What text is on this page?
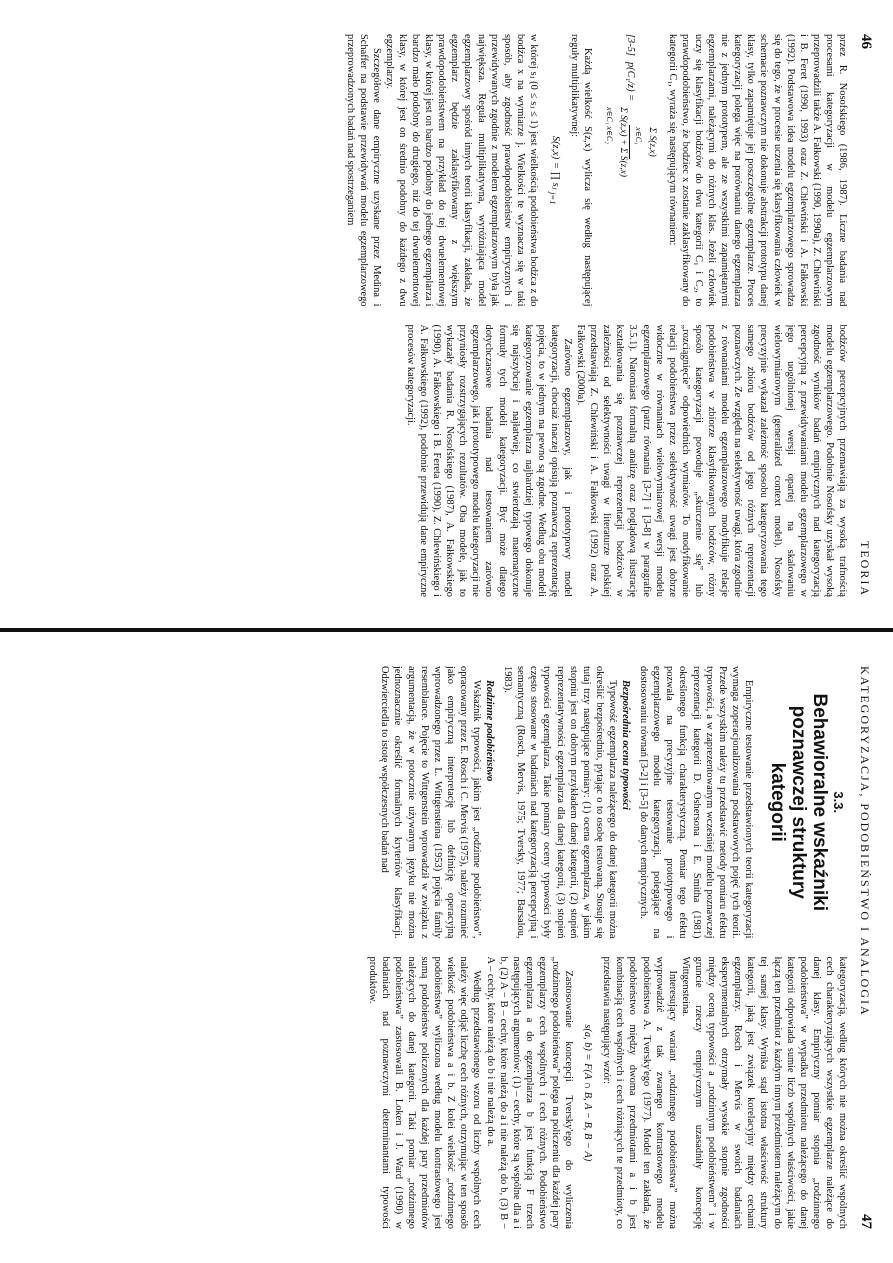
46
TEORIA

przez R. Nosofskiego (1986, 1987). Liczne badania nad procesami kategoryzacji w modelu egzemplarzowym przeprowadzili także A. Fałkowski (1990, 1990a), Z. Chlewiński i B. Feret (1990, 1993) oraz Z. Chlewiński i A. Fałkowski (1992). Podstawowa idea modelu egzemplarzowego sprowadza się do tego, że w procesie uczenia się klasyfikowania człowiek w schemacie poznawczym nie dokonuje abstrakcji prototypu danej klasy, tylko zapamiętuje jej poszczególne egzemplarze. Proces kategoryzacji polega więc na porównaniu danego egzemplarza nie z jednym prototypem, ale ze wszystkimi zapamiętanymi egzemplarzami, należącymi do różnych klas. Jeżeli człowiek uczy się klasyfikacji bodźców do dwu kategorii C₁ i C₂, to prawdopodobieństwo, że bodziec x zostanie zaklasyfikowany do kategorii C₁, wyraża się następującym równaniem:

[3-5]
p(C₁/z) =
Σ S(z,x)
x∈C₁
Σ S(z,x) + Σ S(z,x)
x∈C₁ x∈C₂

Każdą wielkość S(z,x) wylicza się według następującej reguły multiplikatywnej:

S(z,x) = ∏ sⱼ $_{j=1}$

w której sⱼ (0 ≤ sⱼ ≤ 1) jest wielkością podobieństwa bodźca z do bodźca x na wymiarze j. Wielkości te wyznacza się w taki sposób, aby zgodność prawdopodobieństw empirycznych i przewidywanych zgodnie z modelem egzemplarzowym była jak największa. Reguła multiplikatywna, wyróżniająca model egzemplarzowy spośród innych teorii klasyfikacji, zakłada, że egzemplarz będzie zaklasyfikowany z większym prawdopodobieństwem na przykład do tej dwuelementowej klasy, w której jest on bardzo podobny do jednego egzemplarza i bardzo mało podobny do drugiego, niż do tej dwuelementowej klasy, w której jest on średnio podobny do każdego z dwu egzemplarzy.

Szczegółowe dane empiryczne uzyskane przez Medina i Schaffer na podstawie przewidywań modelu egzemplarzowego przeprowadzonych badań nad spostrzeganiem

bodźców percepcyjnych przemawiają za wysoką trafnością modelu egzemplarzowego. Podobnie Nosofsky uzyskał wysoką zgodność wyników badań empirycznych nad kategoryzacją percepcyjną z przewidywaniami modelu egzemplarzowego w jego uogólnionej wersji opartej na skalowaniu wielowymiarowym (generalized context model). Nosofsky precyzyjnie wykazał zależność sposobu kategoryzowania tego samego zbioru bodźców od jego różnych reprezentacji poznawczych. Ze względu na selektywność uwagi, która zgodnie z równaniami modelu egzemplarzowego modyfikuje relacje podobieństwa w zbiorze klasyfikowanych bodźców, różny sposób kategoryzacji powoduje „skurczenie się” lub „rozciągnięcie” odpowiednich wymiarów. To modyfikowanie relacji podobieństwa przez selektywność uwagi jest dobrze widoczne w równaniach wielowymiarowej wersji modelu egzemplarzowego (patrz równania [3-7] i [3-8] w paragrafie 3.5.1). Natomiast formalną analizę oraz poglądową ilustrację kształtowania się poznawczej reprezentacji bodźców w zależności od selektywności uwagi w literaturze polskiej przedstawiają Z. Chlewiński i A. Fałkowski (1992) oraz A. Fałkowski (2000a).

Zarówno egzemplarzowy, jak i prototypowy model kategoryzacji, chociaż inaczej opisują poznawczą reprezentację pojęcia, to w jednym na pewno są zgodne. Według obu modeli kategoryzowanie egzemplarza najbardziej typowego dokonuje się najszybciej i najłatwiej, co stwierdzają matematyczne formuły tych modeli kategoryzacji. Być może dlatego dotychczasowe badania nad testowaniem zarówno egzemplarzowego, jak i prototypowego modelu kategoryzacji nie przyniosły rozstrzygających rezultatów. Oba modele, jak to wykazały badania R. Nosofskiego (1987), A. Fałkowskiego (1990), A. Fałkowskiego i B. Fereta (1990), Z. Chlewińskiego i A. Fałkowskiego (1992), podobnie przewidują dane empiryczne procesów kategoryzacji.

KATEGORYZACJA, PODOBIEŃSTWO I ANALOGIA
47
3.3.
Behawioralne wskaźniki poznawczej struktury kategorii

Empiryczne testowanie przedstawionych teorii kategoryzacji wymaga zoperacjonalizowania podstawowych pojęć tych teorii. Przede wszystkim należy tu przedstawić metody pomiaru efektu typowości, a w zaprezentowanym wcześniej modelu poznawczej reprezentacji kategorii D. Oshersona i E. Smitha (1981) określonego funkcją charakterystyczną. Pomiar tego efektu pozwala na precyzyjne testowanie prototypowego i egzemplarzowego modelu kategoryzacji, polegające na dostosowaniu równań [3-2] i [3-5] do danych empirycznych.

Bezpośrednia ocena typowości

Typowość egzemplarza należącego do danej kategorii można określić bezpośrednio, pytając o to osobę testowaną. Stosuje się tutaj trzy następujące pomiary: (1) ocena egzemplarza, w jakim stopniu jest on dobrym przykładem danej kategorii, (2) stopień reprezentatywności egzemplarza dla danej kategorii, (3) stopień typowości egzemplarza. Takie pomiary oceny typowości były często stosowane w badaniach nad kategoryzacją percepcyjną i semantyczną (Rosch, Mervis, 1975; Tversky, 1977; Barsalou, 1983).

Rodzinne podobieństwo

Wskaźnik typowości, jakim jest „rodzinne podobieństwo”, opracowany przez E. Rosch i C. Mervis (1975), należy rozumieć jako empiryczną interpretację lub definicję operacyjną wprowadzonego przez L. Wittgensteina (1953) pojęcia family resemblance. Pojęcie to Wittgenstein wprowadził w związku z argumentacją, że w potocznie używanym języku nie można jednoznacznie określić formalnych kryteriów klasyfikacji. Odzwierciedla to istotę współczesnych badań nad

kategoryzacją, według których nie można określić wspólnych cech charakteryzujących wszystkie egzemplarze należące do danej klasy. Empiryczny pomiar stopnia „rodzinnego podobieństwa” w wypadku przedmiotu należącego do danej kategorii odpowiada sumie liczb wspólnych właściwości, jakie łączą ten przedmiot z każdym innym przedmiotem należącym do tej samej klasy. Wynika stąd istotna właściwość struktury kategorii, jaką jest związek korelacyjny między cechami egzemplarzy. Rosch i Mervis w swoich badaniach eksperymentalnych otrzymały wysokie stopnie zgodności między oceną typowości a „rodzinnym podobieństwem” i w gruncie rzeczy empirycznym uzasadniły koncepcję Wittgensteina.

Interesujący wariant „rodzinnego podobieństwa” można wyprowadzić z tak zwanego kontrastowego modelu podobieństwa A. Tversky'ego (1977). Model ten zakłada, że podobieństwo między dwoma przedmiotami a i b jest kombinacją cech wspólnych i cech różniących te przedmioty, co przedstawia następujący wzór:

s(a, b) = F(A ∩ B, A − B, B − A)

Zastosowanie koncepcji Tversky'ego do wyliczenia „rodzinnego podobieństwa” polega na policzeniu dla każdej pary egzemplarzy cech wspólnych i cech różnych. Podobieństwo egzemplarza a do egzemplarza b jest funkcją F trzech następujących argumentów: (1) – cechy, które są wspólne dla a i b, (2) A − B – cechy, które należą do a i nie należą do b, (3) B − A – cechy, które należą do b i nie należą do a.

Według przedstawionego wzoru od liczby wspólnych cech należy więc odjąć liczbę cech różnych, otrzymując w ten sposób wielkość podobieństwa a i b. Z kolei wielkość „rodzinnego podobieństwa” wyliczona według modelu kontrastowego jest sumą podobieństw policzonych dla każdej pary przedmiotów należących do danej kategorii. Taki pomiar „rodzinnego podobieństwa” zastosowali B. Loken i J. Ward (1990) w badaniach nad poznawczymi determinantami typowości produktów.
